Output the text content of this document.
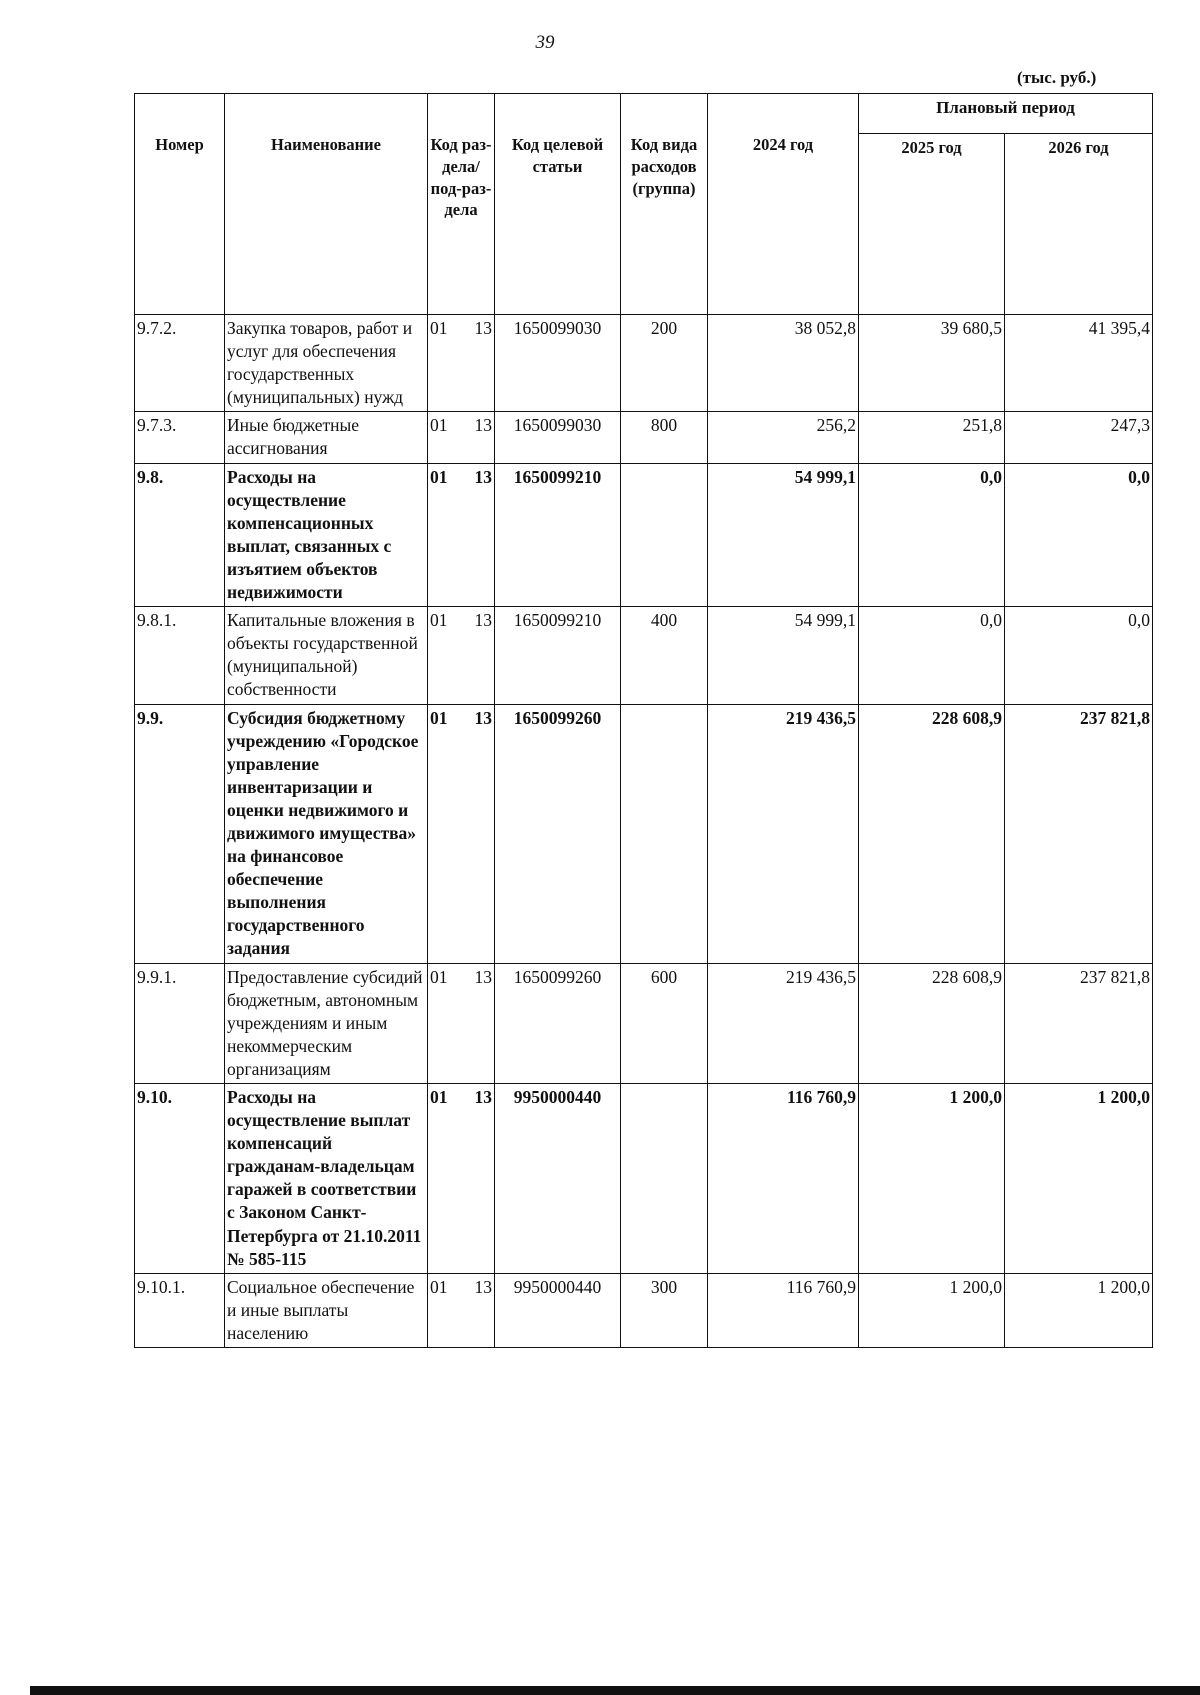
39
(тыс. руб.)
Номер	Наименование	Код раз-дела/ под-раз-дела	Код целевой статьи	Код вида расходов (группа)	2024 год	Плановый период	
						2025 год	2026 год
9.7.2.	Закупка товаров, работ и услуг для обеспечения государственных (муниципальных) нужд	01 13	1650099030	200	38 052,8	39 680,5	41 395,4
9.7.3.	Иные бюджетные ассигнования	01 13	1650099030	800	256,2	251,8	247,3
9.8.	Расходы на осуществление компенсационных выплат, связанных с изъятием объектов недвижимости	01 13	1650099210		54 999,1	0,0	0,0
9.8.1.	Капитальные вложения в объекты государственной (муниципальной) собственности	01 13	1650099210	400	54 999,1	0,0	0,0
9.9.	Субсидия бюджетному учреждению «Городское управление инвентаризации и оценки недвижимого и движимого имущества» на финансовое обеспечение выполнения государственного задания	01 13	1650099260		219 436,5	228 608,9	237 821,8
9.9.1.	Предоставление субсидий бюджетным, автономным учреждениям и иным некоммерческим организациям	01 13	1650099260	600	219 436,5	228 608,9	237 821,8
9.10.	Расходы на осуществление выплат компенсаций гражданам-владельцам гаражей в соответствии с Законом Санкт-Петербурга от 21.10.2011 № 585-115	01 13	9950000440		116 760,9	1 200,0	1 200,0
9.10.1.	Социальное обеспечение и иные выплаты населению	01 13	9950000440	300	116 760,9	1 200,0	1 200,0
